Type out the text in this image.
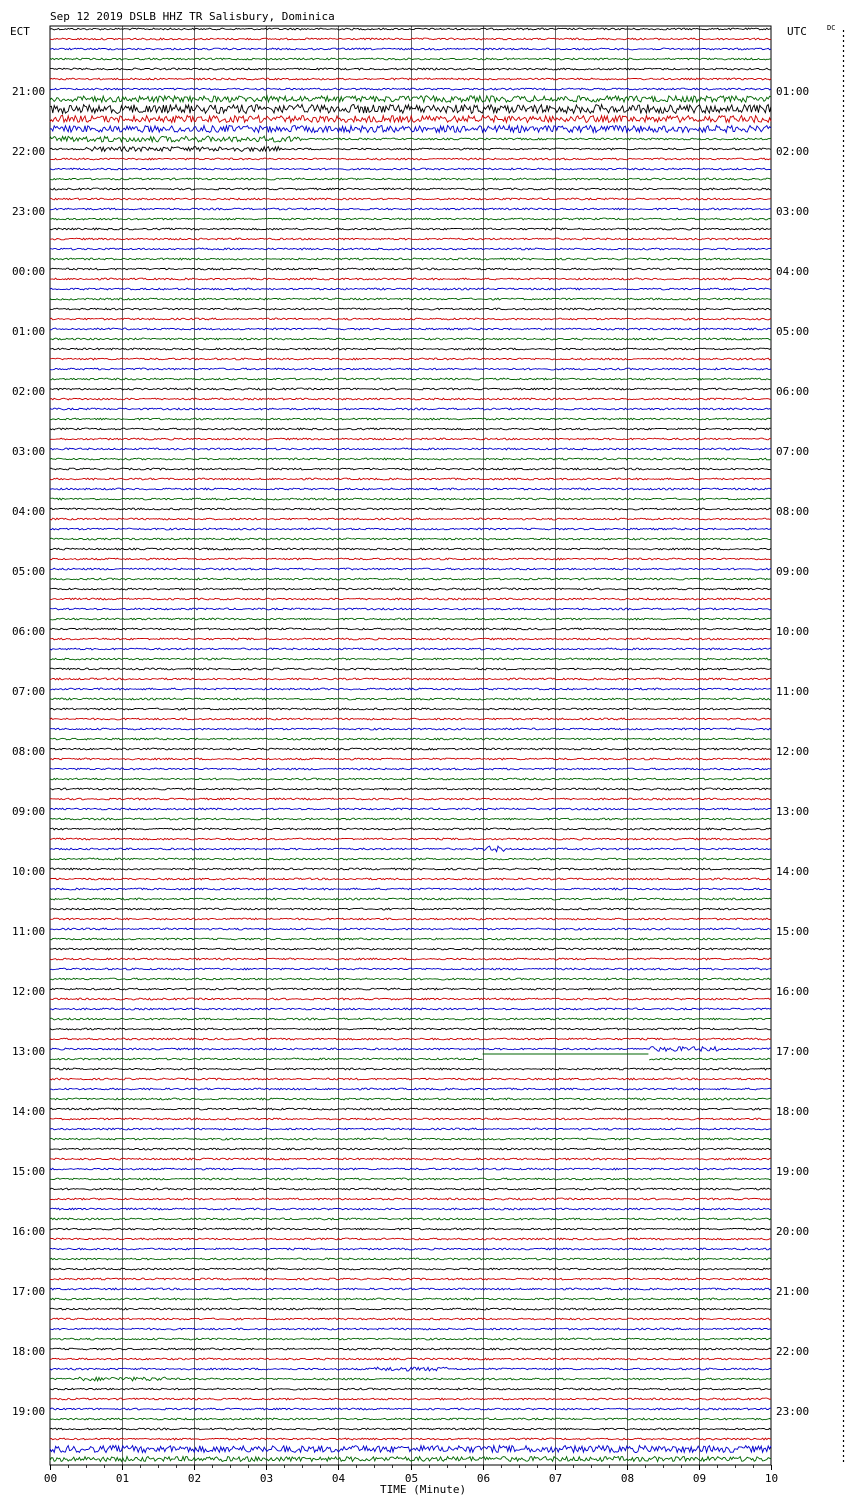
Sep 12 2019 DSLB HHZ TR Salisbury, Dominica
ECT	UTC	DC
00	01	02	03	04	05	06	07	08	09	10
21:00
22:00
23:00
00:00
01:00
02:00
03:00
04:00
05:00
06:00
07:00
08:00
09:00
10:00
11:00
12:00
13:00
14:00
15:00
16:00
17:00
18:00
19:00
01:00
02:00
03:00
04:00
05:00
06:00
07:00
08:00
09:00
10:00
11:00
12:00
13:00
14:00
15:00
16:00
17:00
18:00
19:00
20:00
21:00
22:00
23:00
TIME (Minute)
